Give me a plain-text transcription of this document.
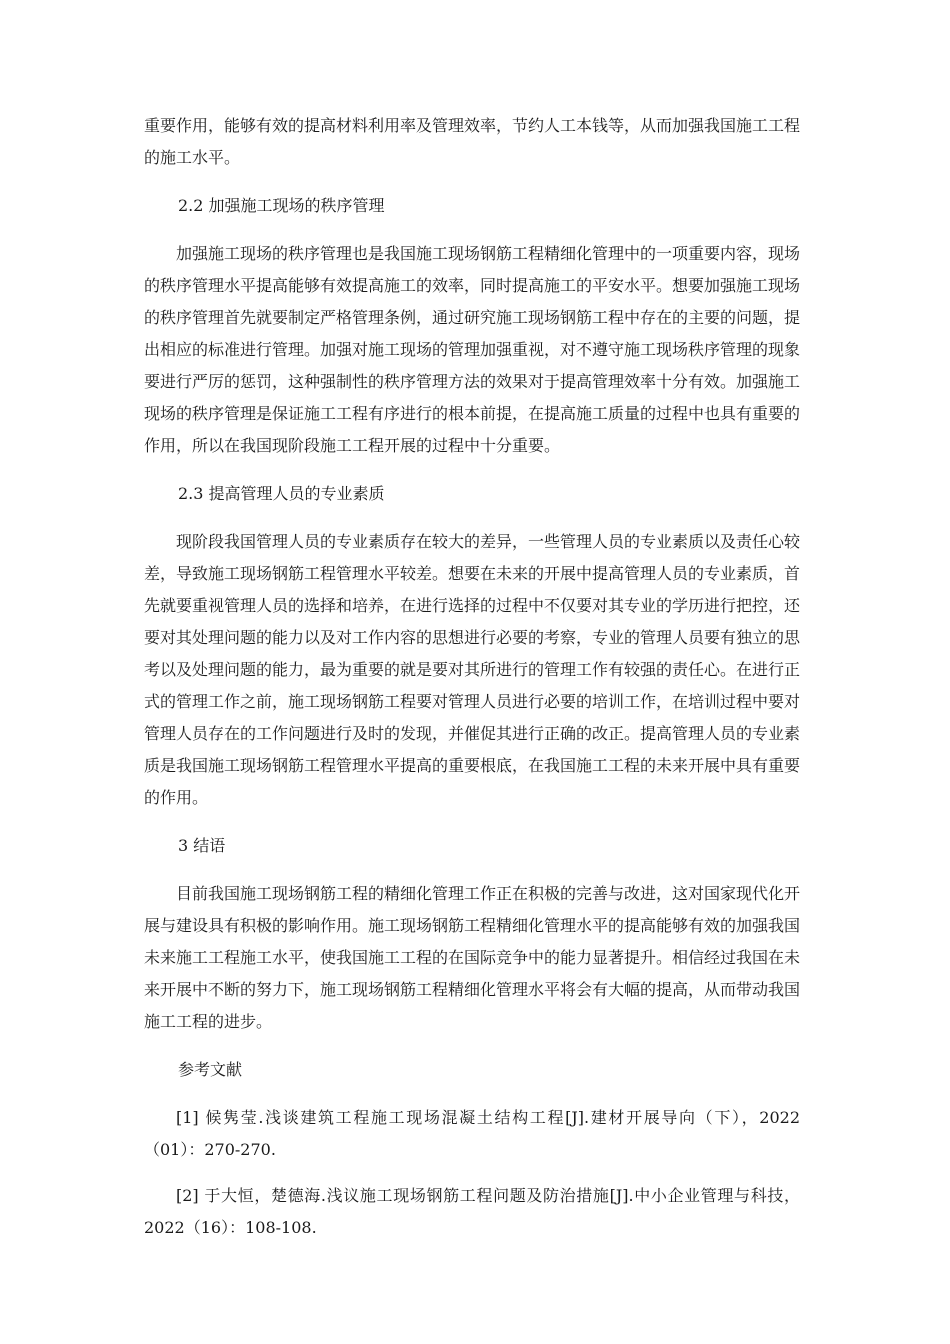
重要作用，能够有效的提高材料利用率及管理效率，节约人工本钱等，从而加强我国施工工程的施工水平。

2.2 加强施工现场的秩序管理

加强施工现场的秩序管理也是我国施工现场钢筋工程精细化管理中的一项重要内容，现场的秩序管理水平提高能够有效提高施工的效率，同时提高施工的平安水平。想要加强施工现场的秩序管理首先就要制定严格管理条例，通过研究施工现场钢筋工程中存在的主要的问题，提出相应的标准进行管理。加强对施工现场的管理加强重视，对不遵守施工现场秩序管理的现象要进行严厉的惩罚，这种强制性的秩序管理方法的效果对于提高管理效率十分有效。加强施工现场的秩序管理是保证施工工程有序进行的根本前提，在提高施工质量的过程中也具有重要的作用，所以在我国现阶段施工工程开展的过程中十分重要。

2.3 提高管理人员的专业素质

现阶段我国管理人员的专业素质存在较大的差异，一些管理人员的专业素质以及责任心较差，导致施工现场钢筋工程管理水平较差。想要在未来的开展中提高管理人员的专业素质，首先就要重视管理人员的选择和培养，在进行选择的过程中不仅要对其专业的学历进行把控，还要对其处理问题的能力以及对工作内容的思想进行必要的考察，专业的管理人员要有独立的思考以及处理问题的能力，最为重要的就是要对其所进行的管理工作有较强的责任心。在进行正式的管理工作之前，施工现场钢筋工程要对管理人员进行必要的培训工作，在培训过程中要对管理人员存在的工作问题进行及时的发现，并催促其进行正确的改正。提高管理人员的专业素质是我国施工现场钢筋工程管理水平提高的重要根底，在我国施工工程的未来开展中具有重要的作用。

3 结语

目前我国施工现场钢筋工程的精细化管理工作正在积极的完善与改进，这对国家现代化开展与建设具有积极的影响作用。施工现场钢筋工程精细化管理水平的提高能够有效的加强我国未来施工工程施工水平，使我国施工工程的在国际竞争中的能力显著提升。相信经过我国在未来开展中不断的努力下，施工现场钢筋工程精细化管理水平将会有大幅的提高，从而带动我国施工工程的进步。

参考文献

[1] 候隽莹.浅谈建筑工程施工现场混凝土结构工程[J].建材开展导向（下），2022（01）：270-270.

[2] 于大恒，楚德海.浅议施工现场钢筋工程问题及防治措施[J].中小企业管理与科技，2022（16）：108-108.
